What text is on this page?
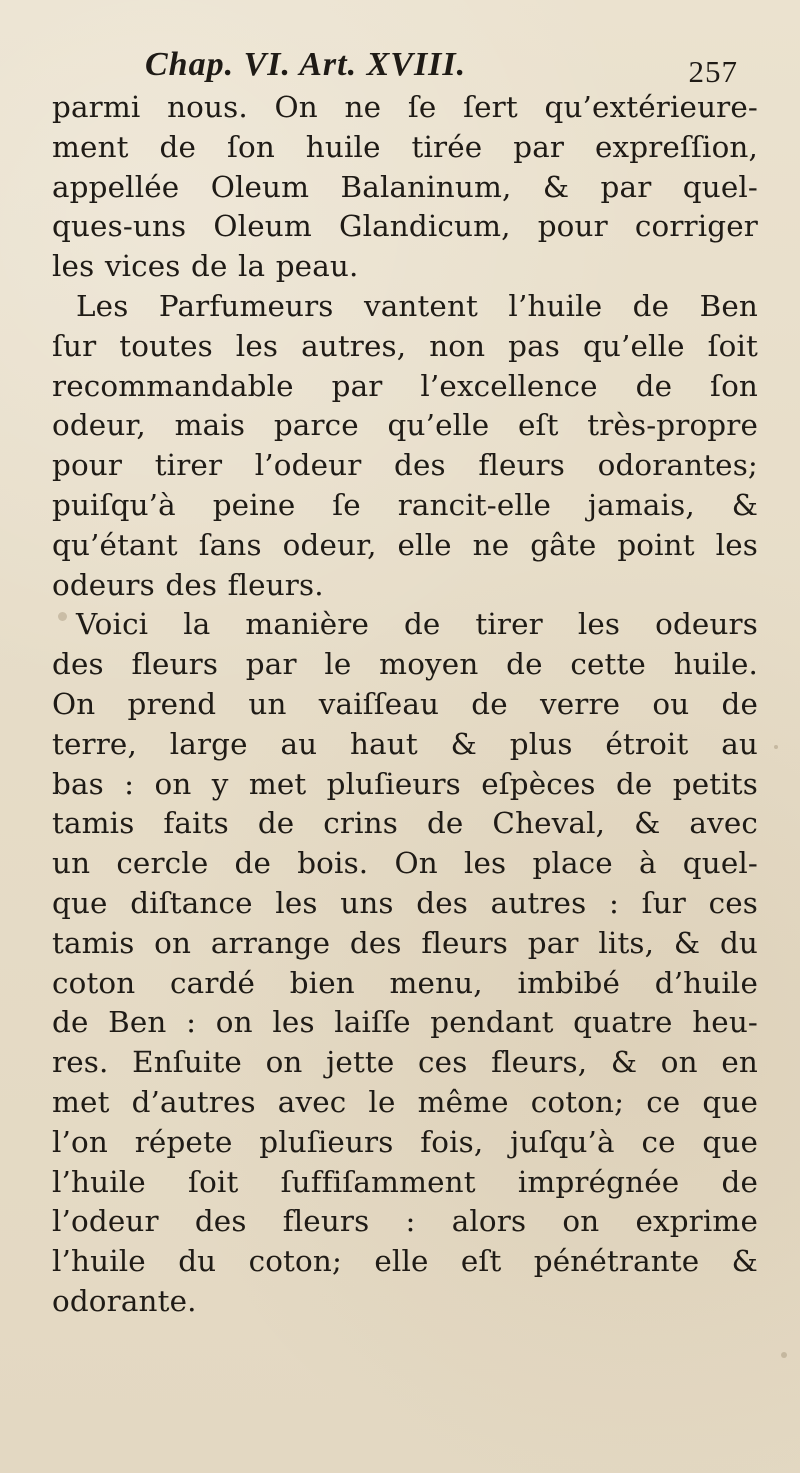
Chap. VI. Art. XVIII.	257
parmi nous. On ne ſe ſert qu’extérieure-
ment de ſon huile tirée par expreſſion,
appellée Oleum Balaninum, & par quel-
ques-uns Oleum Glandicum, pour corriger
les vices de la peau.
Les Parfumeurs vantent l’huile de Ben
ſur toutes les autres, non pas qu’elle ſoit
recommandable par l’excellence de ſon
odeur, mais parce qu’elle eſt très-propre
pour tirer l’odeur des fleurs odorantes;
puiſqu’à peine ſe rancit-elle jamais, &
qu’étant ſans odeur, elle ne gâte point les
odeurs des fleurs.
Voici la manière de tirer les odeurs
des fleurs par le moyen de cette huile.
On prend un vaiſſeau de verre ou de
terre, large au haut & plus étroit au
bas : on y met pluſieurs eſpèces de petits
tamis faits de crins de Cheval, & avec
un cercle de bois. On les place à quel-
que diſtance les uns des autres : ſur ces
tamis on arrange des fleurs par lits, & du
coton cardé bien menu, imbibé d’huile
de Ben : on les laiſſe pendant quatre heu-
res. Enſuite on jette ces fleurs, & on en
met d’autres avec le même coton; ce que
l’on répete pluſieurs fois, juſqu’à ce que
l’huile ſoit ſuffiſamment imprégnée de
l’odeur des fleurs : alors on exprime
l’huile du coton; elle eſt pénétrante &
odorante.
